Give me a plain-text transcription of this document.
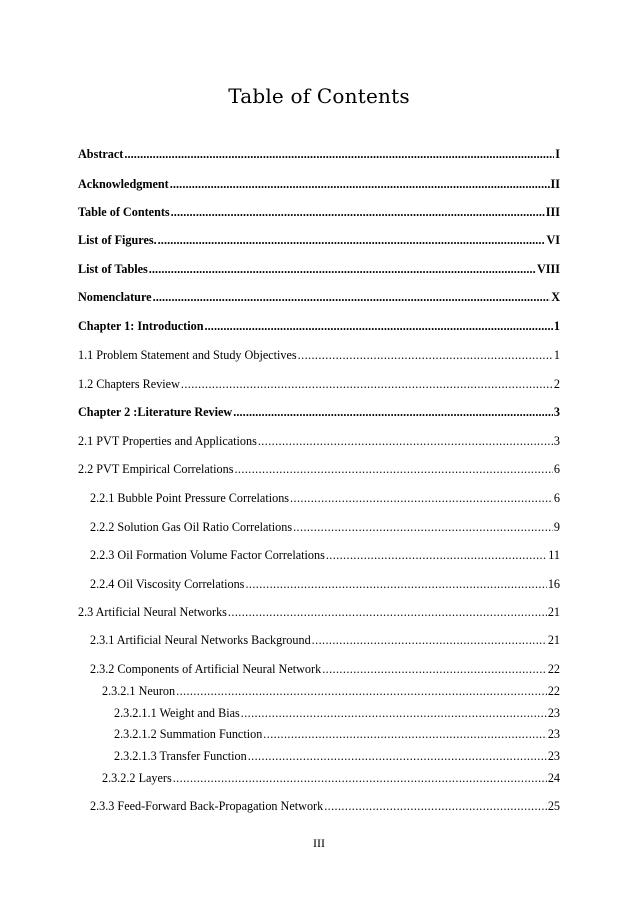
Table of Contents
Abstract .....	I
Acknowledgment .....	II
Table of Contents .....	III
List of Figures. .....	VI
List of Tables .....	VIII
Nomenclature .....	X
Chapter 1: Introduction .....	1
1.1 Problem Statement and Study Objectives .....	1
1.2 Chapters Review .....	2
Chapter 2 :Literature Review .....	3
2.1 PVT Properties and Applications .....	3
2.2 PVT Empirical Correlations .....	6
2.2.1 Bubble Point Pressure Correlations .....	6
2.2.2 Solution Gas Oil Ratio Correlations .....	9
2.2.3 Oil Formation Volume Factor Correlations .....	11
2.2.4 Oil Viscosity Correlations .....	16
2.3 Artificial Neural Networks .....	21
2.3.1 Artificial Neural Networks Background .....	21
2.3.2 Components of Artificial Neural Network .....	22
2.3.2.1 Neuron .....	22
2.3.2.1.1 Weight and Bias .....	23
2.3.2.1.2 Summation Function .....	23
2.3.2.1.3 Transfer Function .....	23
2.3.2.2 Layers .....	24
2.3.3 Feed-Forward Back-Propagation Network .....	25
III
